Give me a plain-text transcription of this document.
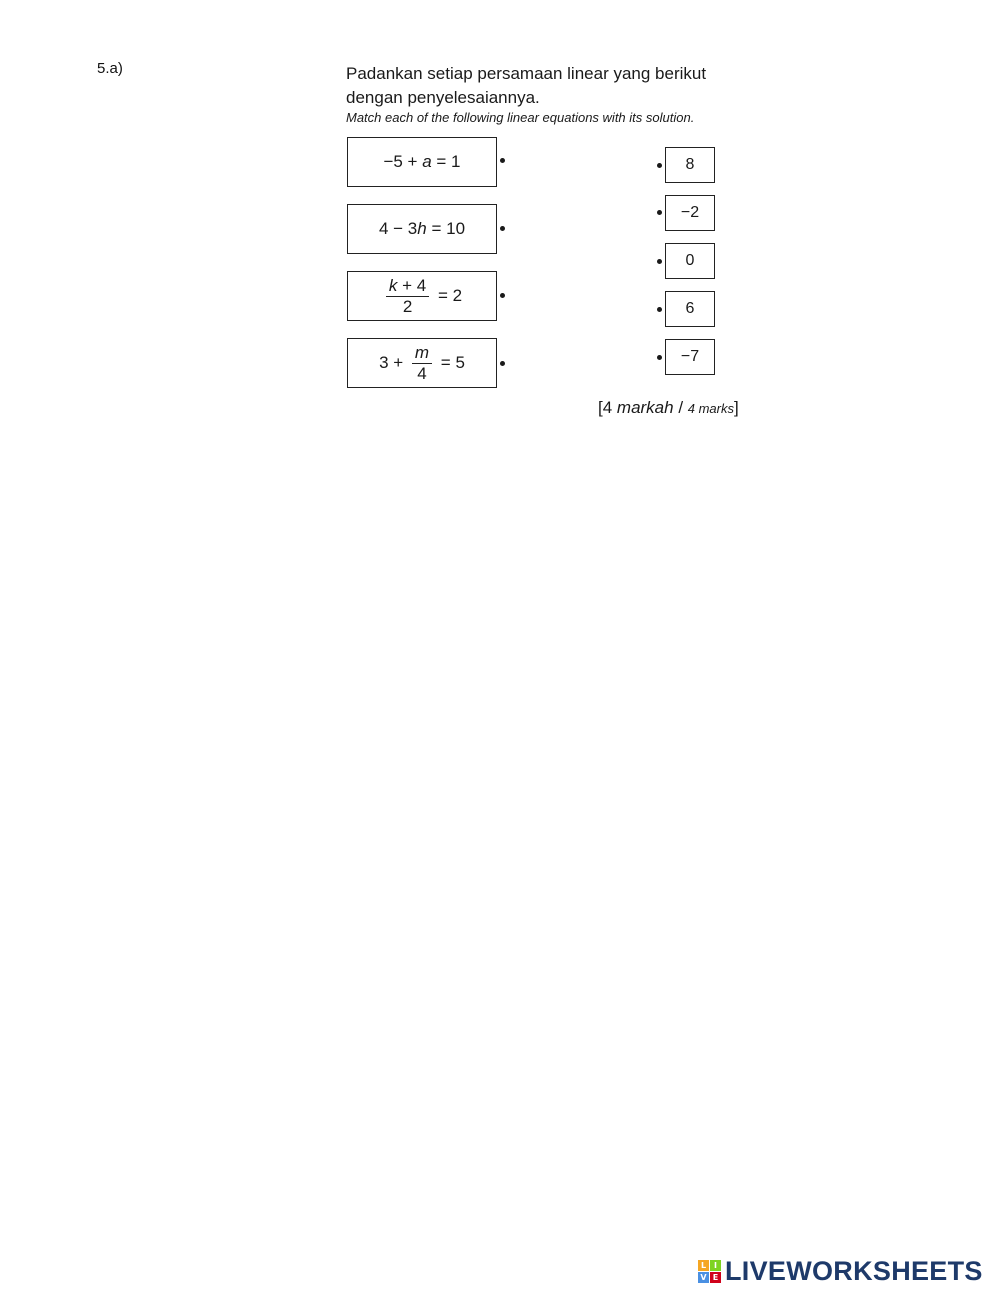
5.a)	Padankan setiap persamaan linear yang berikut
dengan penyelesaiannya.
Match each of the following linear equations with its solution.
−5 + a = 1
4 − 3 h = 10
$\frac{k + 4}{2} = 2$
$3 + \frac{m}{4} = 5$
8
−2
0
6
−7
[4 markah / 4 marks]
L I
V E LIVEWORKSHEETS
